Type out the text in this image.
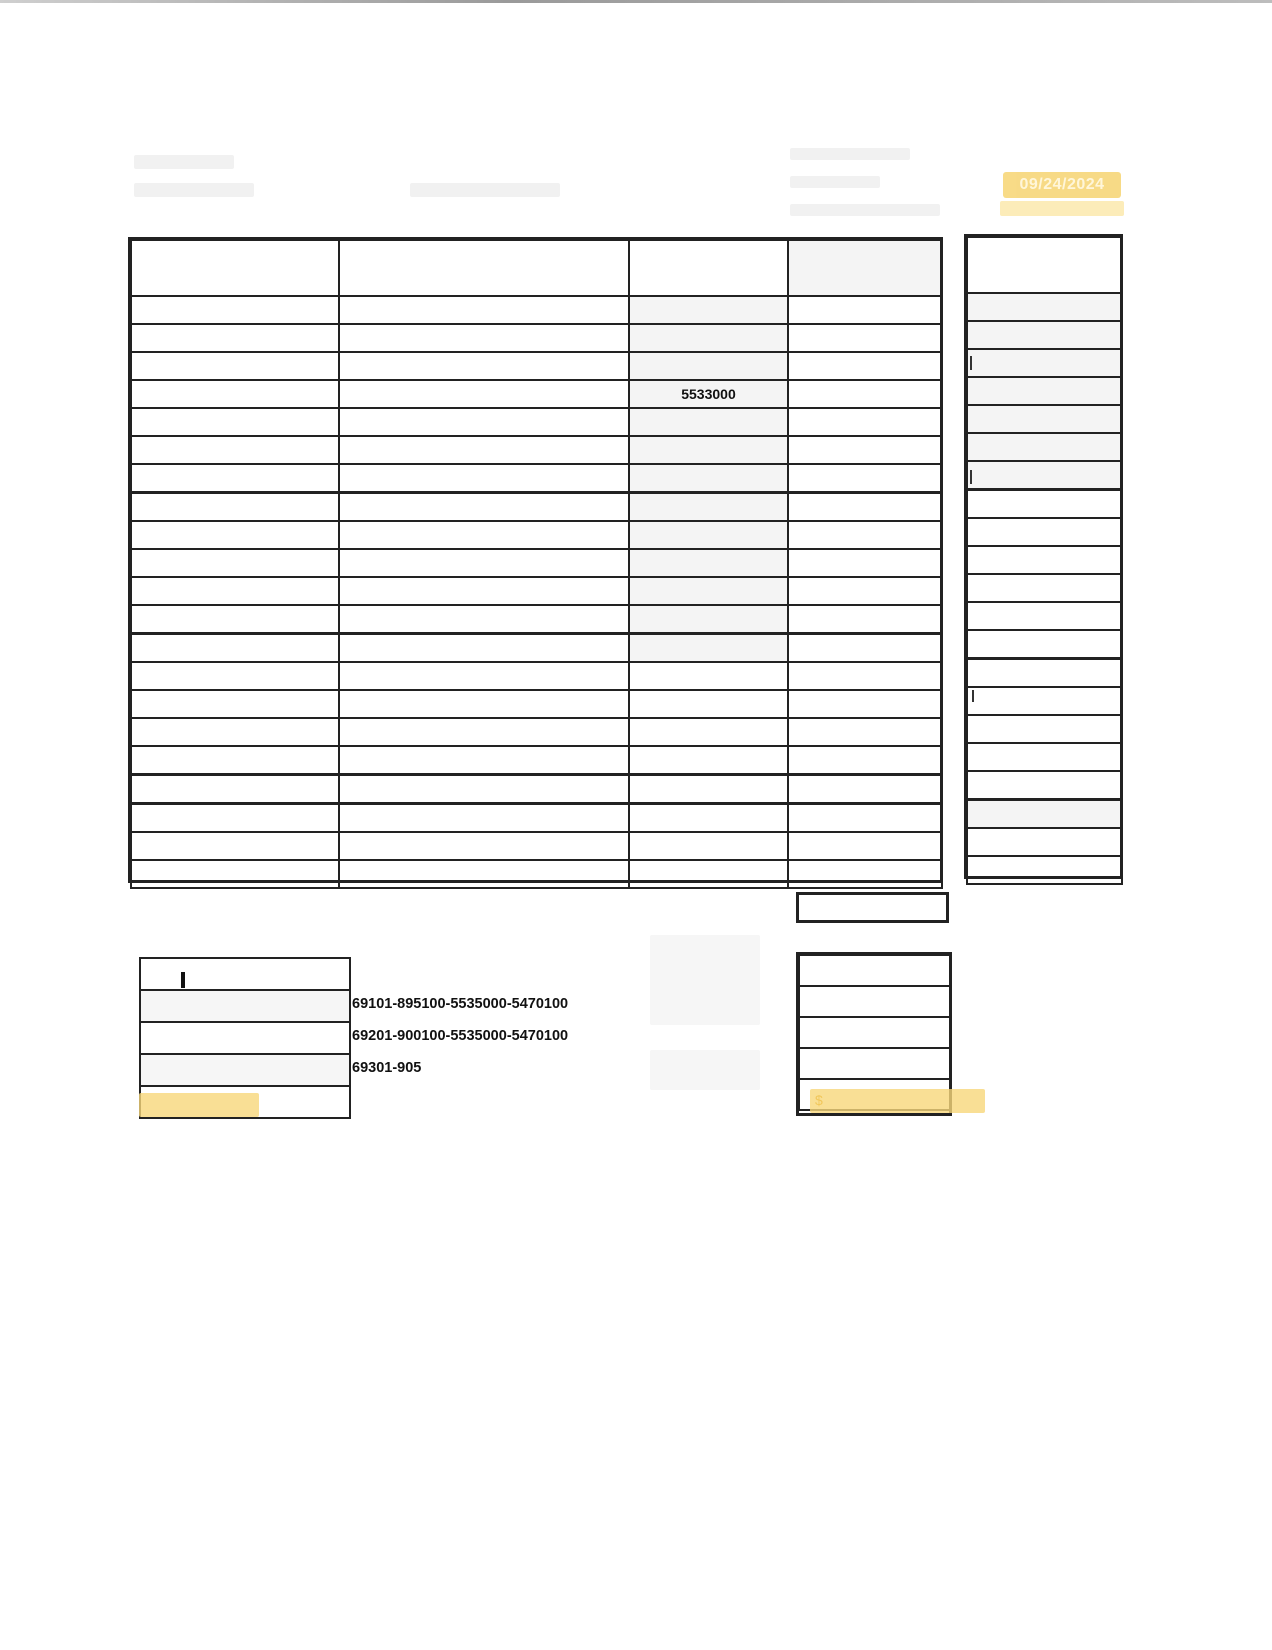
09/24/2024

		5533000	

69101-895100-5535000-5470100
69201-900100-5535000-5470100
69301-905

$
